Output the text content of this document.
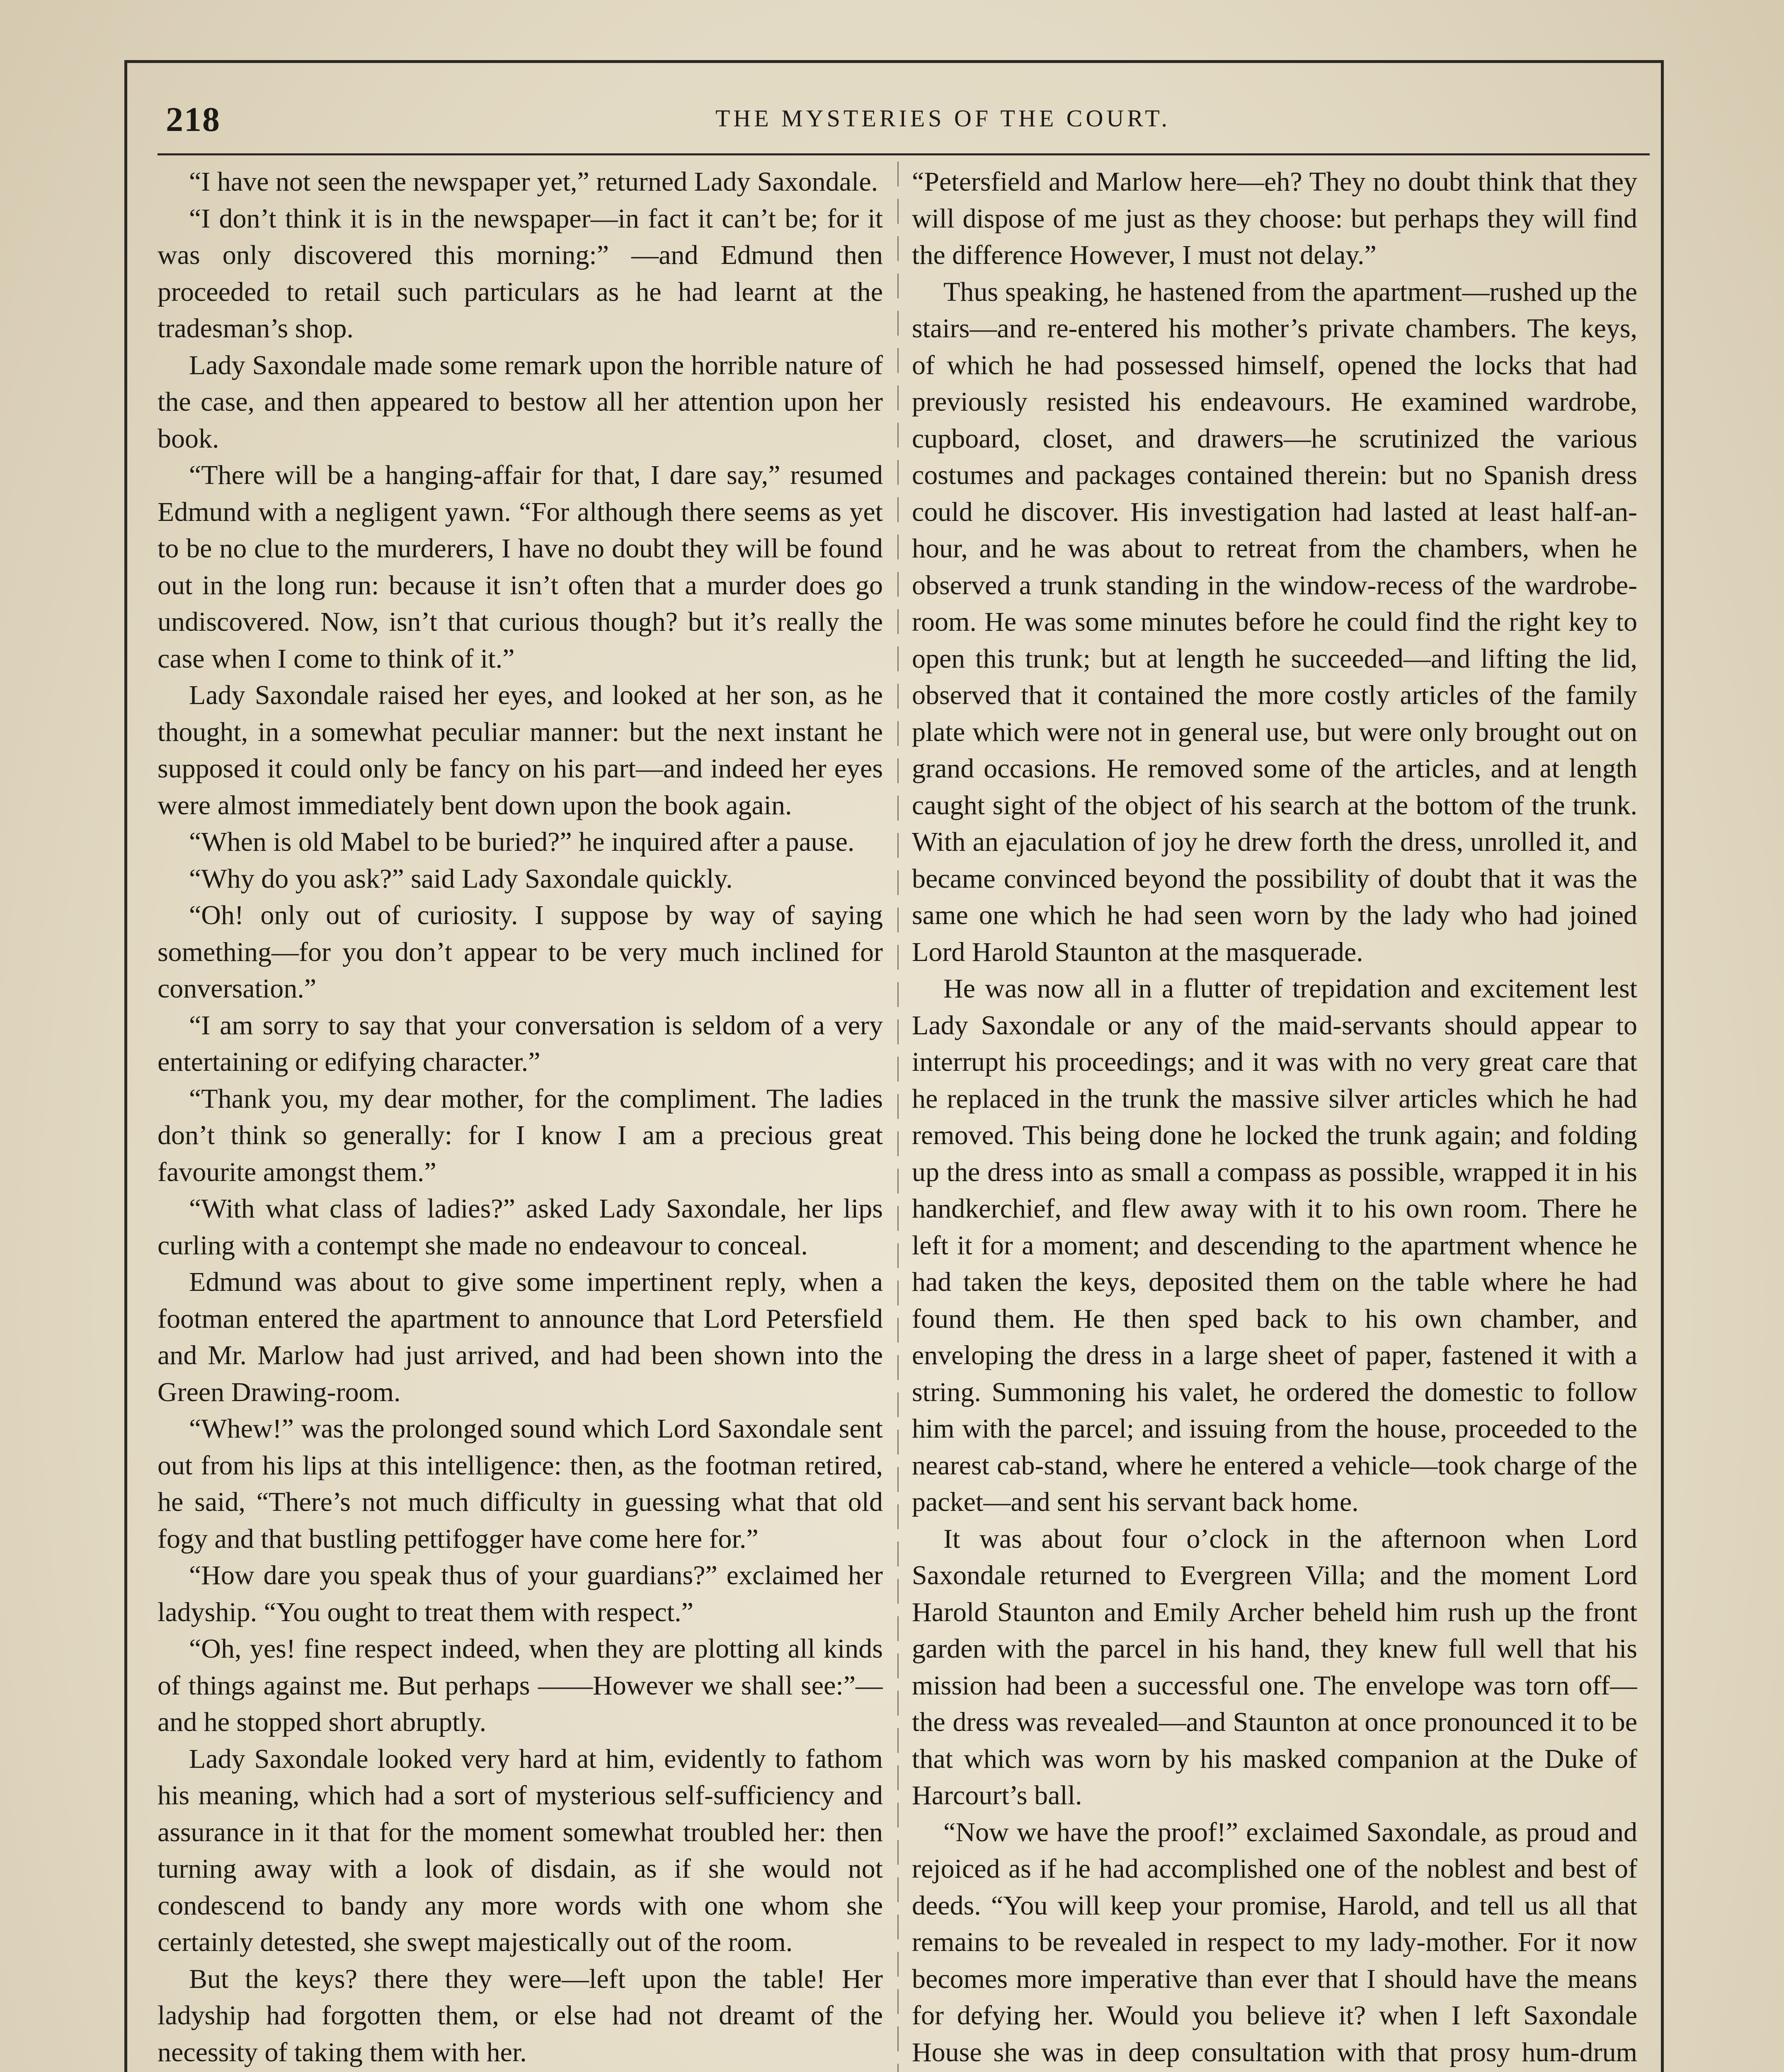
218	THE MYSTERIES OF THE COURT.

“I have not seen the newspaper yet,” returned Lady Saxondale.

“I don’t think it is in the newspaper—in fact it can’t be; for it was only discovered this morning:” —and Edmund then proceeded to retail such particulars as he had learnt at the tradesman’s shop.

Lady Saxondale made some remark upon the horrible nature of the case, and then appeared to bestow all her attention upon her book.

“There will be a hanging-affair for that, I dare say,” resumed Edmund with a negligent yawn. “For although there seems as yet to be no clue to the murderers, I have no doubt they will be found out in the long run: because it isn’t often that a murder does go undiscovered. Now, isn’t that curious though? but it’s really the case when I come to think of it.”

Lady Saxondale raised her eyes, and looked at her son, as he thought, in a somewhat peculiar manner: but the next instant he supposed it could only be fancy on his part—and indeed her eyes were almost immediately bent down upon the book again.

“When is old Mabel to be buried?” he inquired after a pause.

“Why do you ask?” said Lady Saxondale quickly.

“Oh! only out of curiosity. I suppose by way of saying something—for you don’t appear to be very much inclined for conversation.”

“I am sorry to say that your conversation is seldom of a very entertaining or edifying character.”

“Thank you, my dear mother, for the compliment. The ladies don’t think so generally: for I know I am a precious great favourite amongst them.”

“With what class of ladies?” asked Lady Saxondale, her lips curling with a contempt she made no endeavour to conceal.

Edmund was about to give some impertinent reply, when a footman entered the apartment to announce that Lord Petersfield and Mr. Marlow had just arrived, and had been shown into the Green Drawing-room.

“Whew!” was the prolonged sound which Lord Saxondale sent out from his lips at this intelligence: then, as the footman retired, he said, “There’s not much difficulty in guessing what that old fogy and that bustling pettifogger have come here for.”

“How dare you speak thus of your guardians?” exclaimed her ladyship. “You ought to treat them with respect.”

“Oh, yes! fine respect indeed, when they are plotting all kinds of things against me. But perhaps ——However we shall see:”—and he stopped short abruptly.

Lady Saxondale looked very hard at him, evidently to fathom his meaning, which had a sort of mysterious self-sufficiency and assurance in it that for the moment somewhat troubled her: then turning away with a look of disdain, as if she would not condescend to bandy any more words with one whom she certainly detested, she swept majestically out of the room.

But the keys? there they were—left upon the table! Her ladyship had forgotten them, or else had not dreamt of the necessity of taking them with her.

“Petersfield and Marlow here—eh? They no doubt think that they will dispose of me just as they choose: but perhaps they will find the difference However, I must not delay.”

Thus speaking, he hastened from the apartment—rushed up the stairs—and re-entered his mother’s private chambers. The keys, of which he had possessed himself, opened the locks that had previously resisted his endeavours. He examined wardrobe, cupboard, closet, and drawers—he scrutinized the various costumes and packages contained therein: but no Spanish dress could he discover. His investigation had lasted at least half-an-hour, and he was about to retreat from the chambers, when he observed a trunk standing in the window-recess of the wardrobe-room. He was some minutes before he could find the right key to open this trunk; but at length he succeeded—and lifting the lid, observed that it contained the more costly articles of the family plate which were not in general use, but were only brought out on grand occasions. He removed some of the articles, and at length caught sight of the object of his search at the bottom of the trunk. With an ejaculation of joy he drew forth the dress, unrolled it, and became convinced beyond the possibility of doubt that it was the same one which he had seen worn by the lady who had joined Lord Harold Staunton at the masquerade.

He was now all in a flutter of trepidation and excitement lest Lady Saxondale or any of the maid-servants should appear to interrupt his proceedings; and it was with no very great care that he replaced in the trunk the massive silver articles which he had removed. This being done he locked the trunk again; and folding up the dress into as small a compass as possible, wrapped it in his handkerchief, and flew away with it to his own room. There he left it for a moment; and descending to the apartment whence he had taken the keys, deposited them on the table where he had found them. He then sped back to his own chamber, and enveloping the dress in a large sheet of paper, fastened it with a string. Summoning his valet, he ordered the domestic to follow him with the parcel; and issuing from the house, proceeded to the nearest cab-stand, where he entered a vehicle—took charge of the packet—and sent his servant back home.

It was about four o’clock in the afternoon when Lord Saxondale returned to Evergreen Villa; and the moment Lord Harold Staunton and Emily Archer beheld him rush up the front garden with the parcel in his hand, they knew full well that his mission had been a successful one. The envelope was torn off—the dress was revealed—and Staunton at once pronounced it to be that which was worn by his masked companion at the Duke of Harcourt’s ball.

“Now we have the proof!” exclaimed Saxondale, as proud and rejoiced as if he had accomplished one of the noblest and best of deeds. “You will keep your promise, Harold, and tell us all that remains to be revealed in respect to my lady-mother. For it now becomes more imperative than ever that I should have the means for defying her. Would you believe it? when I left Saxondale House she was in deep consultation with that prosy hum-drum
